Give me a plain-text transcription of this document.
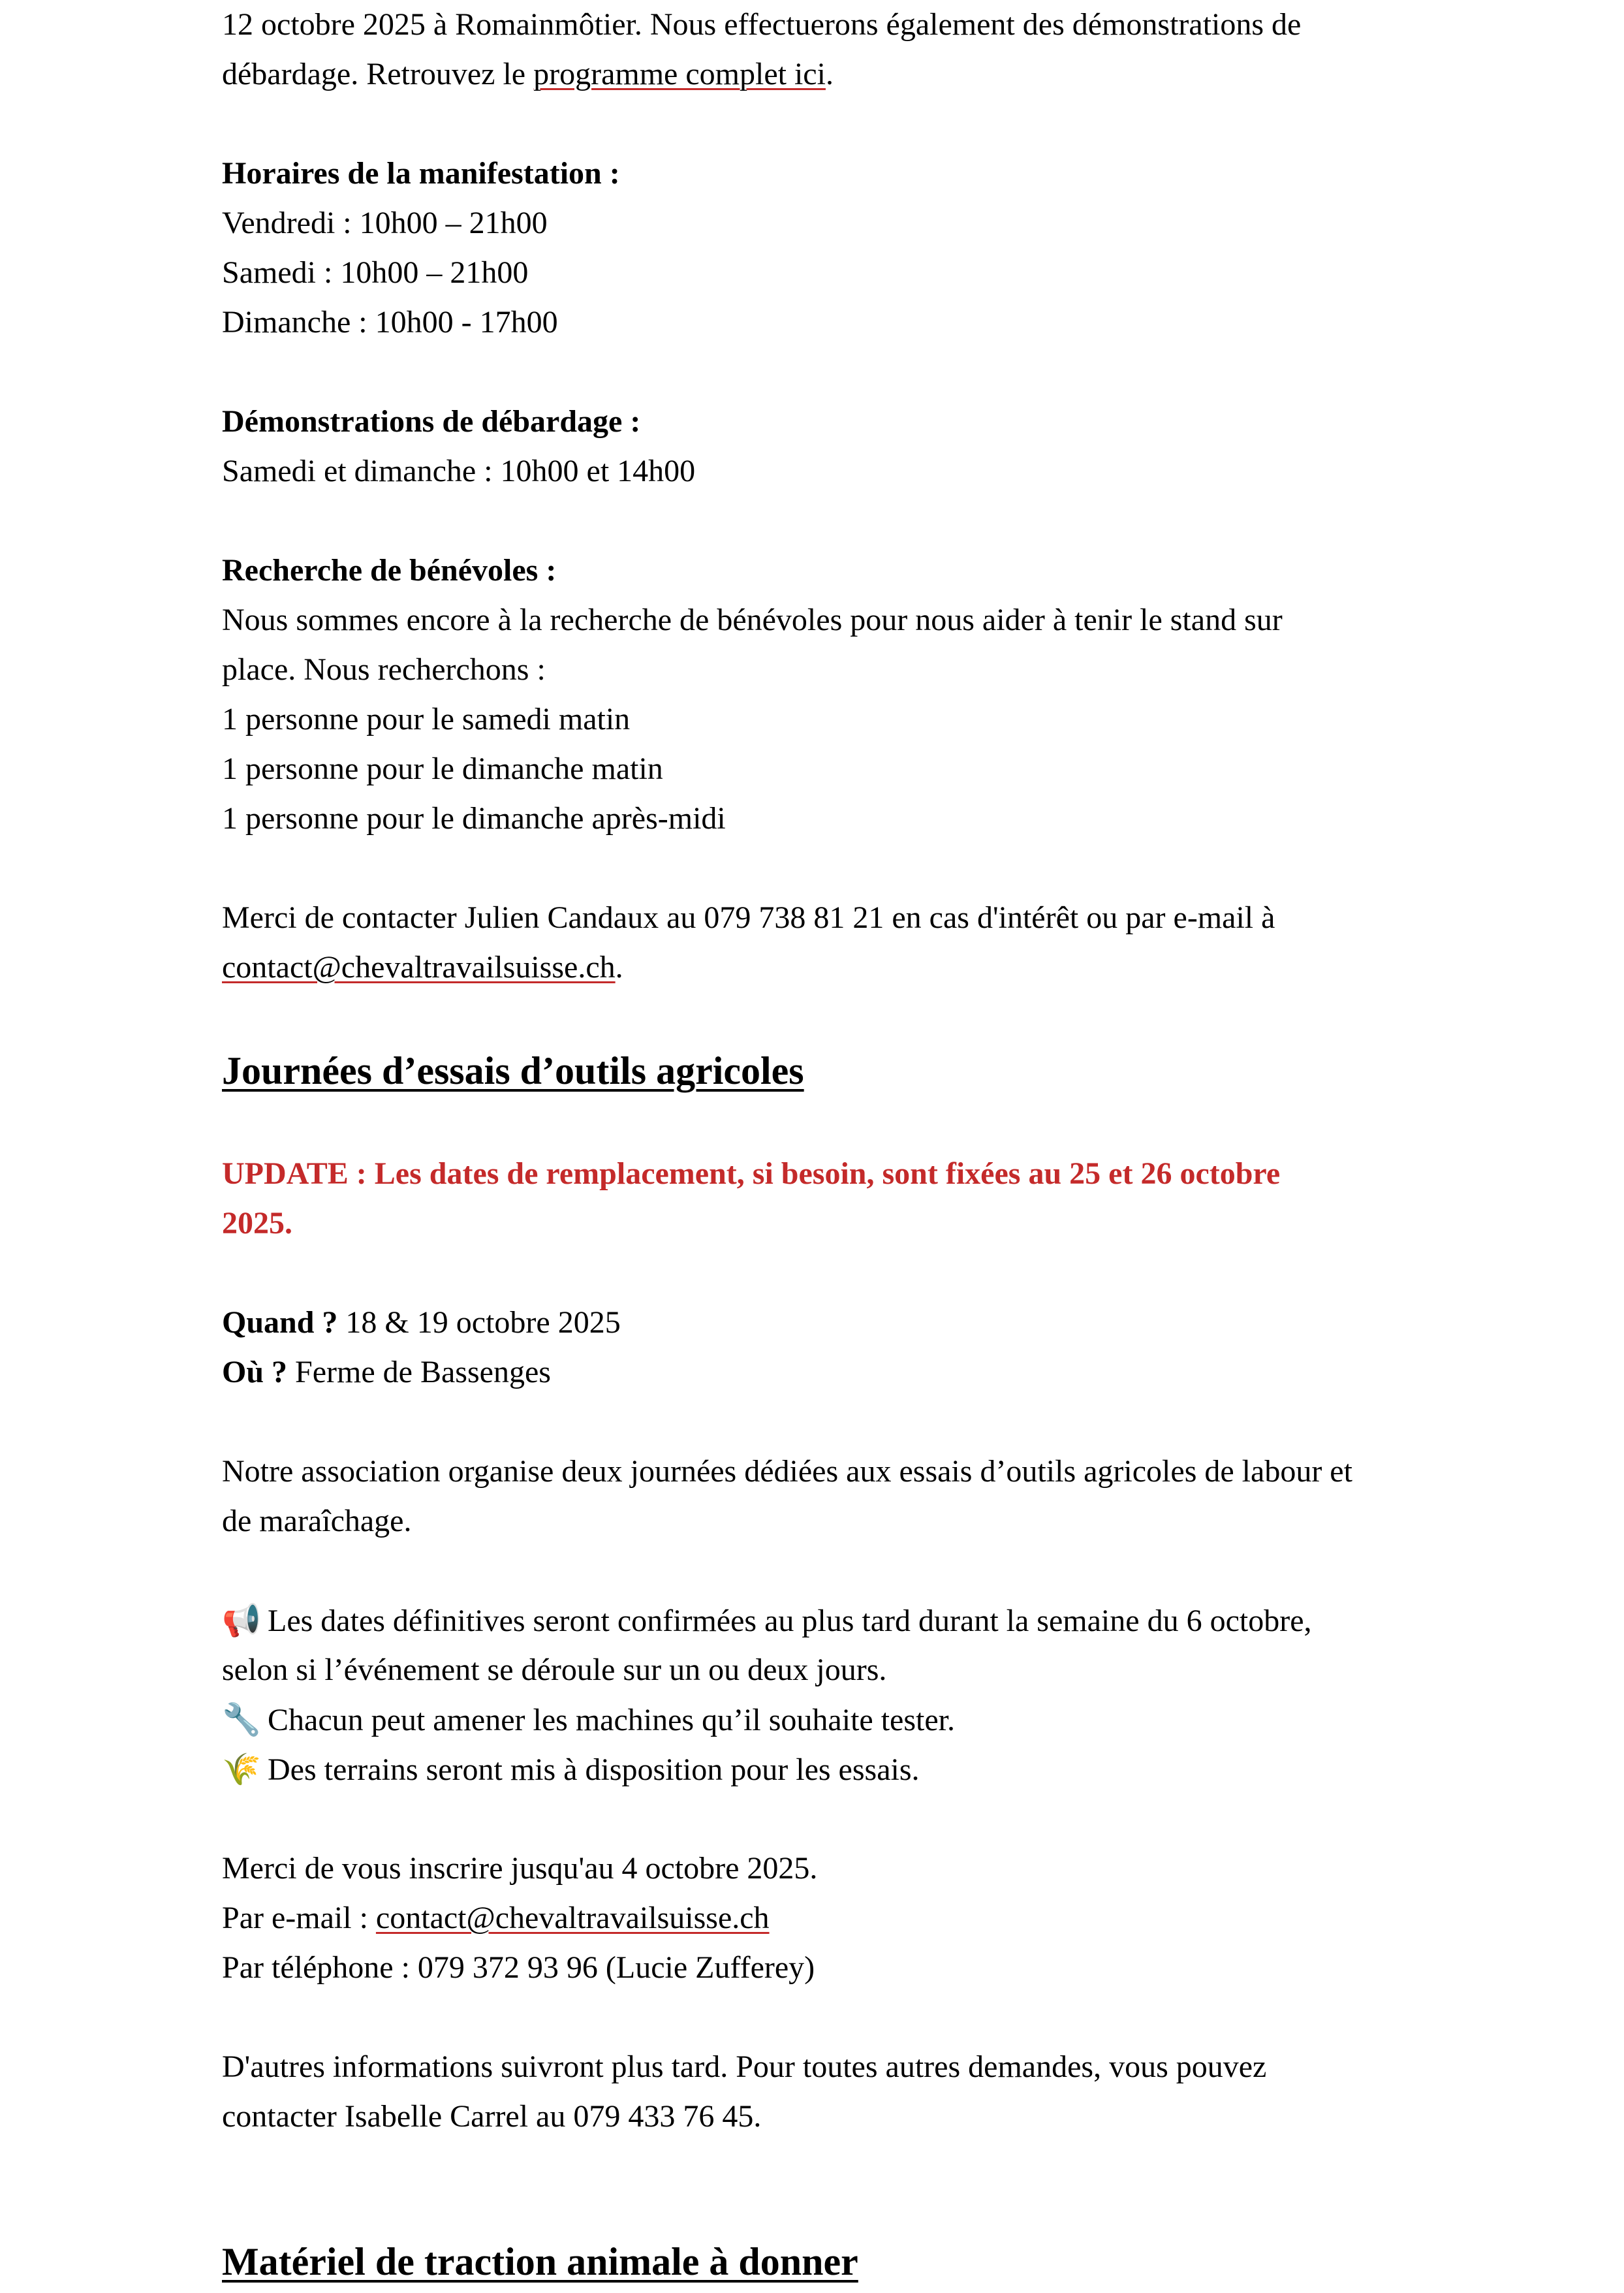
12 octobre 2025 à Romainmôtier. Nous effectuerons également des démonstrations de
débardage. Retrouvez le programme complet ici.
Horaires de la manifestation :
Vendredi : 10h00 – 21h00
Samedi : 10h00 – 21h00
Dimanche : 10h00 - 17h00
Démonstrations de débardage :
Samedi et dimanche : 10h00 et 14h00
Recherche de bénévoles :
Nous sommes encore à la recherche de bénévoles pour nous aider à tenir le stand sur
place. Nous recherchons :
1 personne pour le samedi matin
1 personne pour le dimanche matin
1 personne pour le dimanche après-midi
Merci de contacter Julien Candaux au 079 738 81 21 en cas d'intérêt ou par e-mail à
contact@chevaltravailsuisse.ch.
Journées d’essais d’outils agricoles
UPDATE : Les dates de remplacement, si besoin, sont fixées au 25 et 26 octobre
2025.
Quand ? 18 & 19 octobre 2025
Où ? Ferme de Bassenges
Notre association organise deux journées dédiées aux essais d’outils agricoles de labour et
de maraîchage.
📢 Les dates définitives seront confirmées au plus tard durant la semaine du 6 octobre,
selon si l’événement se déroule sur un ou deux jours.
🔧 Chacun peut amener les machines qu’il souhaite tester.
🌾 Des terrains seront mis à disposition pour les essais.
Merci de vous inscrire jusqu'au 4 octobre 2025.
Par e-mail : contact@chevaltravailsuisse.ch
Par téléphone : 079 372 93 96 (Lucie Zufferey)
D'autres informations suivront plus tard. Pour toutes autres demandes, vous pouvez
contacter Isabelle Carrel au 079 433 76 45.
Matériel de traction animale à donner
